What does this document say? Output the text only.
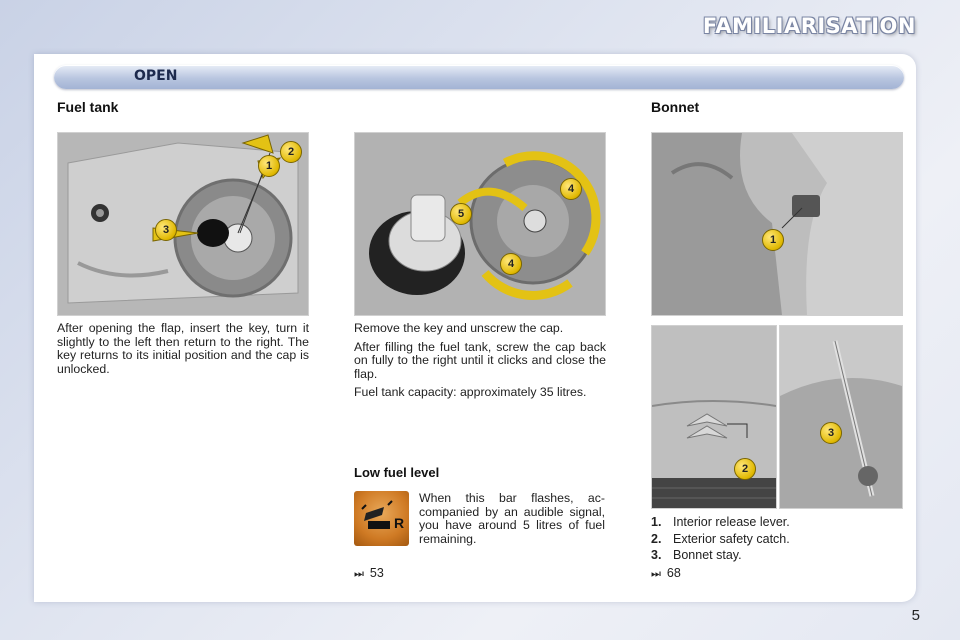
FAMILIARISATION
OPEN
Fuel tank	Bonnet
2
1
3
4
5
4
1
2
3

After opening the flap, insert the key, turn it slightly to the left then return to the right. The key returns to its initial position and the cap is unlocked.

Remove the key and unscrew the cap.

After filling the fuel tank, screw the cap back on fully to the right until it clicks and close the flap.

Fuel tank capacity: approximately 35 litres.

Low fuel level
R

When this bar flashes, ac-companied by an audible signal, you have around 5 litres of fuel remaining.

⏭ 53
1. Interior release lever.
2. Exterior safety catch.
3. Bonnet stay.
⏭ 68
5
